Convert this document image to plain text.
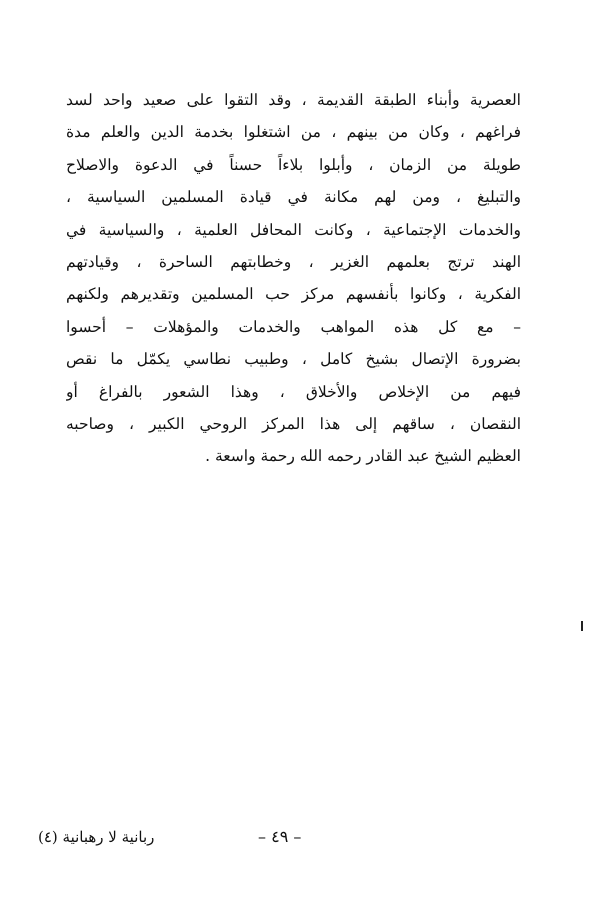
العصرية وأبناء الطبقة القديمة ، وقد التقوا على صعيد واحد لسد
فراغهم ، وكان من بينهم ، من اشتغلوا بخدمة الدين والعلم مدة
طويلة من الزمان ، وأبلوا بلاءاً حسناً في الدعوة والاصلاح
والتبليغ ، ومن لهم مكانة في قيادة المسلمين السياسية ،
والخدمات الإجتماعية ، وكانت المحافل العلمية ، والسياسية في
الهند ترتج بعلمهم الغزير ، وخطابتهم الساحرة ، وقيادتهم
الفكرية ، وكانوا بأنفسهم مركز حب المسلمين وتقديرهم ولكنهم
– مع كل هذه المواهب والخدمات والمؤهلات – أحسوا
بضرورة الإتصال بشيخ كامل ، وطبيب نطاسي يكمّل ما نقص
فيهم من الإخلاص والأخلاق ، وهذا الشعور بالفراغ أو
النقصان ، ساقهم إلى هذا المركز الروحي الكبير ، وصاحبه
العظيم الشيخ عبد القادر رحمه الله رحمة واسعة .
– ٤٩ –
ربانية لا رهبانية (٤)
